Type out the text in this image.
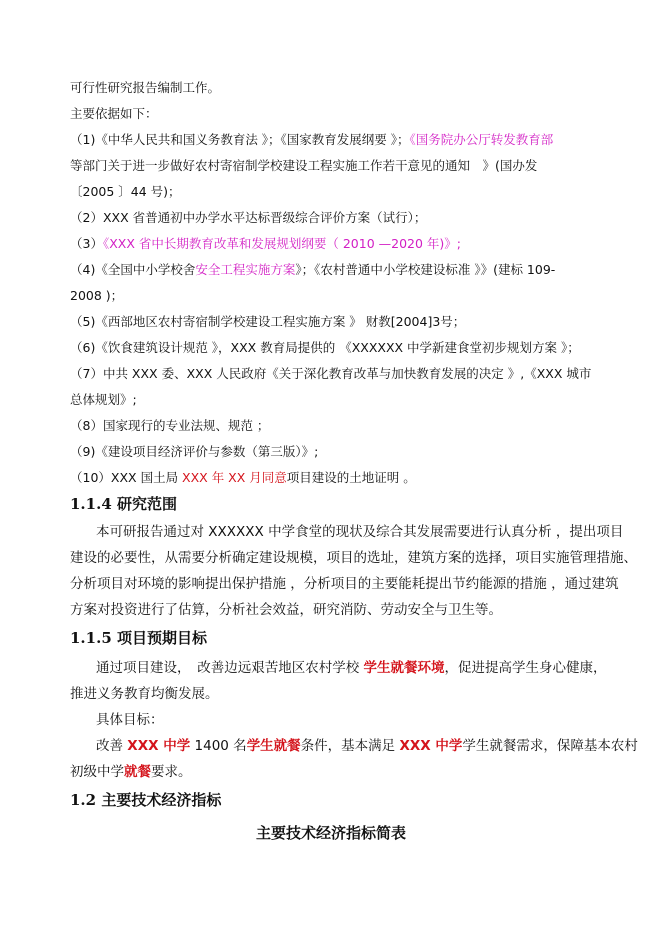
可行性研究报告编制工作。
主要依据如下：
（1)《中华人民共和国义务教育法 》；《国家教育发展纲要 》；《国务院办公厅转发教育部
等部门关于进一步做好农村寄宿制学校建设工程实施工作若干意见的通知　》(国办发
〔2005 〕44 号)；
（2）XXX 省普通初中办学水平达标晋级综合评价方案（试行）；
（3）《XXX 省中长期教育改革和发展规划纲要（ 2010 —2020 年)》;
（4)《全国中小学校舍安全工程实施方案》；《农村普通中小学校建设标准 》》(建标 109-
2008 )；
（5)《西部地区农村寄宿制学校建设工程实施方案 》 财教[2004]3号；
（6)《饮食建筑设计规范 》，XXX 教育局提供的 《XXXXXX 中学新建食堂初步规划方案 》；
（7）中共 XXX 委、XXX 人民政府《关于深化教育改革与加快教育发展的决定 》,《XXX 城市
总体规划》;
（8）国家现行的专业法规、规范 ；
（9)《建设项目经济评价与参数（第三版）》;
（10）XXX 国土局 XXX 年 XX 月同意项目建设的土地证明 。
1.1.4 研究范围
本可研报告通过对 XXXXXX 中学食堂的现状及综合其发展需要进行认真分析 ，提出项目
建设的必要性，从需要分析确定建设规模，项目的选址，建筑方案的选择，项目实施管理措施、
分析项目对环境的影响提出保护措施 ，分析项目的主要能耗提出节约能源的措施 ，通过建筑
方案对投资进行了估算，分析社会效益，研究消防、劳动安全与卫生等。
1.1.5 项目预期目标
通过项目建设，　改善边远艰苦地区农村学校 学生就餐环境，促进提高学生身心健康，
推进义务教育均衡发展。
具体目标：
改善 XXX 中学 1400 名学生就餐条件，基本满足 XXX 中学学生就餐需求，保障基本农村
初级中学就餐要求。
1.2 主要技术经济指标
主要技术经济指标简表
